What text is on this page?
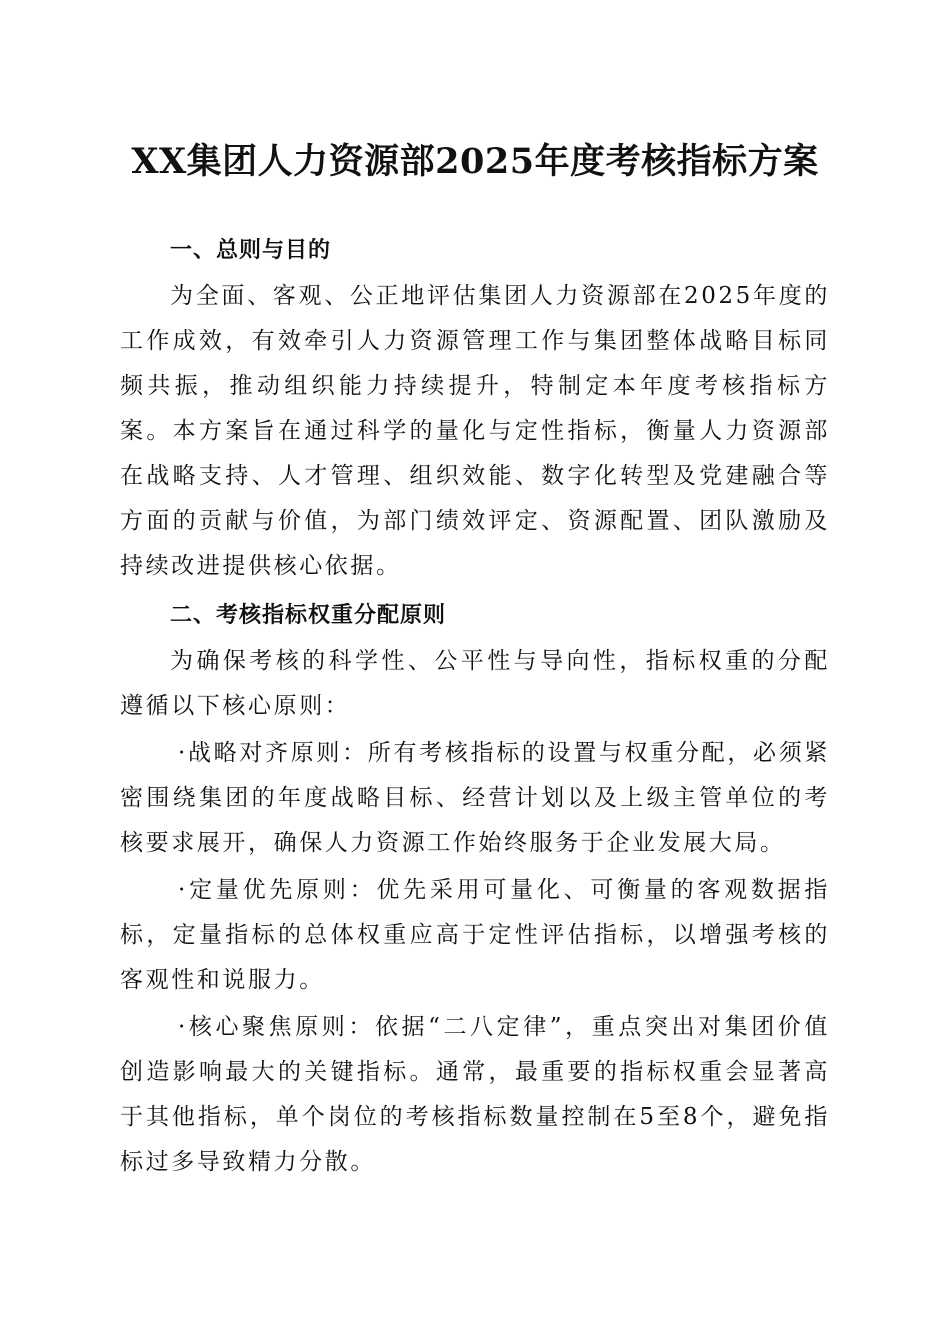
XX集团人力资源部2025年度考核指标方案

一、总则与目的

为全面、客观、公正地评估集团人力资源部在2025年度的工作成效，有效牵引人力资源管理工作与集团整体战略目标同频共振，推动组织能力持续提升，特制定本年度考核指标方案。本方案旨在通过科学的量化与定性指标，衡量人力资源部在战略支持、人才管理、组织效能、数字化转型及党建融合等方面的贡献与价值，为部门绩效评定、资源配置、团队激励及持续改进提供核心依据。

二、考核指标权重分配原则

为确保考核的科学性、公平性与导向性，指标权重的分配遵循以下核心原则：

·战略对齐原则：所有考核指标的设置与权重分配，必须紧密围绕集团的年度战略目标、经营计划以及上级主管单位的考核要求展开，确保人力资源工作始终服务于企业发展大局。

·定量优先原则：优先采用可量化、可衡量的客观数据指标，定量指标的总体权重应高于定性评估指标，以增强考核的客观性和说服力。

·核心聚焦原则：依据“二八定律”，重点突出对集团价值创造影响最大的关键指标。通常，最重要的指标权重会显著高于其他指标，单个岗位的考核指标数量控制在5至8个，避免指标过多导致精力分散。
